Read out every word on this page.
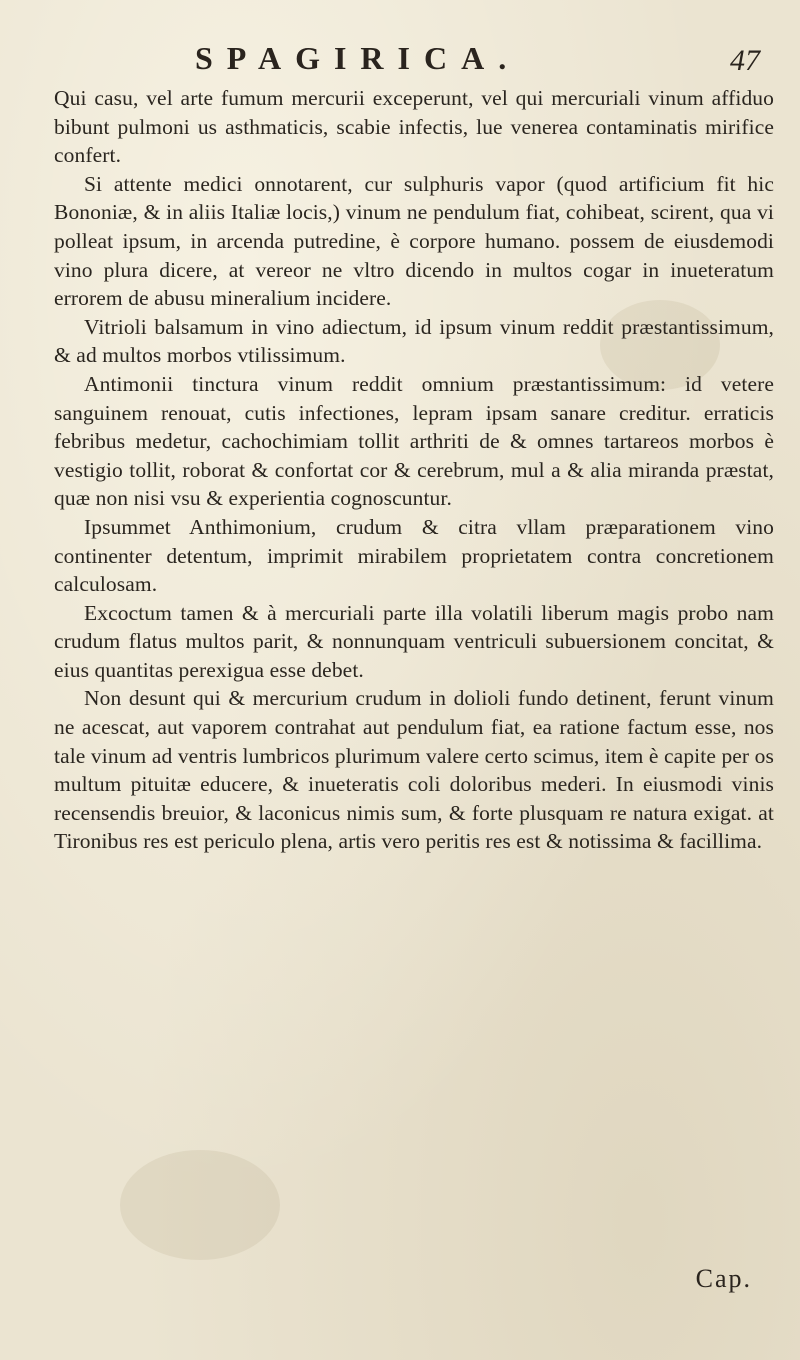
SPAGIRICA.	47

Qui casu, vel arte fumum mercurii exceperunt, vel qui mercuriali vinum affiduo bibunt pulmoni us asthmaticis, scabie infectis, lue venerea contaminatis mirifice confert.

Si attente medici onnotarent, cur sulphuris vapor (quod artificium fit hic Bononiæ, & in aliis Italiæ locis,) vinum ne pendulum fiat, cohibeat, scirent, qua vi polleat ipsum, in arcenda putredine, è corpore humano. possem de eiusdemodi vino plura dicere, at vereor ne vltro dicendo in multos cogar in inueteratum errorem de abusu mineralium incidere.

Vitrioli balsamum in vino adiectum, id ipsum vinum reddit præstantissimum, & ad multos morbos vtilissimum.

Antimonii tinctura vinum reddit omnium præstantissimum: id vetere sanguinem renouat, cutis infectiones, lepram ipsam sanare creditur. erraticis febribus medetur, cachochimiam tollit arthriti de & omnes tartareos morbos è vestigio tollit, roborat & confortat cor & cerebrum, mul a & alia miranda præstat, quæ non nisi vsu & experientia cognoscuntur.

Ipsummet Anthimonium, crudum & citra vllam præparationem vino continenter detentum, imprimit mirabilem proprietatem contra concretionem calculosam.

Excoctum tamen & à mercuriali parte illa volatili liberum magis probo nam crudum flatus multos parit, & nonnunquam ventriculi subuersionem concitat, & eius quantitas perexigua esse debet.

Non desunt qui & mercurium crudum in dolioli fundo detinent, ferunt vinum ne acescat, aut vaporem contrahat aut pendulum fiat, ea ratione factum esse, nos tale vinum ad ventris lumbricos plurimum valere certo scimus, item è capite per os multum pituitæ educere, & inueteratis coli doloribus mederi. In eiusmodi vinis recensendis breuior, & laconicus nimis sum, & forte plusquam re natura exigat. at Tironibus res est periculo plena, artis vero peritis res est & notissima & facillima.

Cap.
